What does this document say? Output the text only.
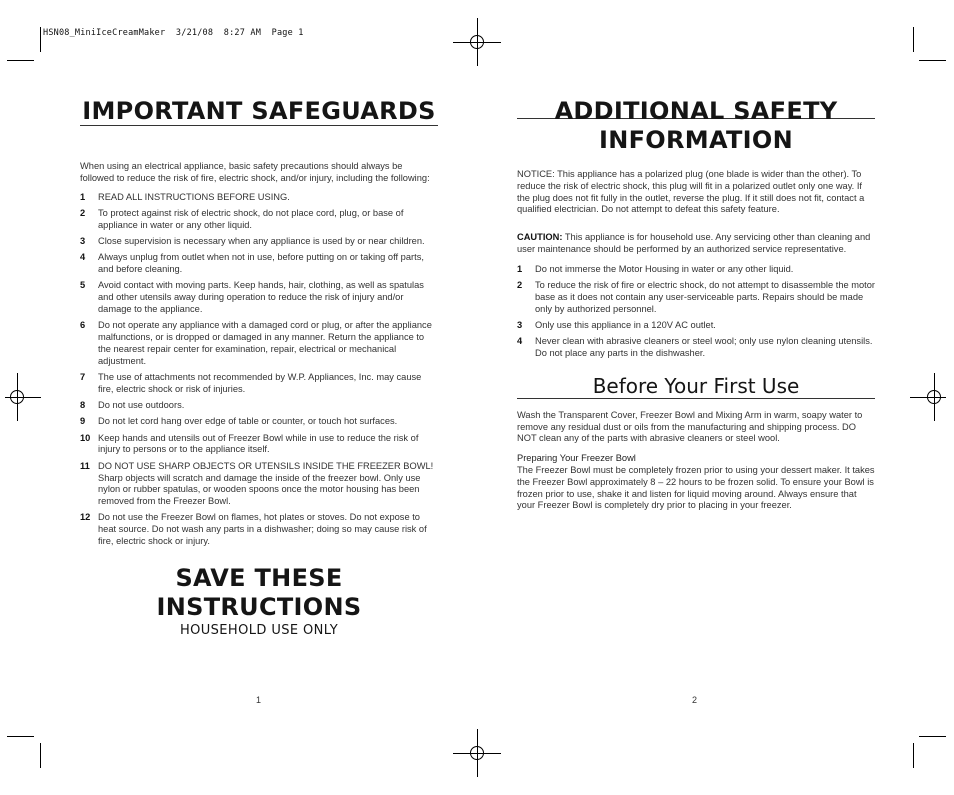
HSN08_MiniIceCreamMaker  3/21/08  8:27 AM  Page 1
IMPORTANT SAFEGUARDS

When using an electrical appliance, basic safety precautions should always be followed to reduce the risk of fire, electric shock, and/or injury, including the following:

1 READ ALL INSTRUCTIONS BEFORE USING.
2 To protect against risk of electric shock, do not place cord, plug, or base of appliance in water or any other liquid.
3 Close supervision is necessary when any appliance is used by or near children.
4 Always unplug from outlet when not in use, before putting on or taking off parts, and before cleaning.
5 Avoid contact with moving parts. Keep hands, hair, clothing, as well as spatulas and other utensils away during operation to reduce the risk of injury and/or damage to the appliance.
6 Do not operate any appliance with a damaged cord or plug, or after the appliance malfunctions, or is dropped or damaged in any manner. Return the appliance to the nearest repair center for examination, repair, electrical or mechanical adjustment.
7 The use of attachments not recommended by W.P. Appliances, Inc. may cause fire, electric shock or risk of injuries.
8 Do not use outdoors.
9 Do not let cord hang over edge of table or counter, or touch hot surfaces.
10 Keep hands and utensils out of Freezer Bowl while in use to reduce the risk of injury to persons or to the appliance itself.
11 DO NOT USE SHARP OBJECTS OR UTENSILS INSIDE THE FREEZER BOWL! Sharp objects will scratch and damage the inside of the freezer bowl. Only use nylon or rubber spatulas, or wooden spoons once the motor housing has been removed from the Freezer Bowl.
12 Do not use the Freezer Bowl on flames, hot plates or stoves. Do not expose to heat source. Do not wash any parts in a dishwasher; doing so may cause risk of fire, electric shock or injury.
SAVE THESE INSTRUCTIONS
HOUSEHOLD USE ONLY
1
ADDITIONAL SAFETY
INFORMATION

NOTICE: This appliance has a polarized plug (one blade is wider than the other). To reduce the risk of electric shock, this plug will fit in a polarized outlet only one way. If the plug does not fit fully in the outlet, reverse the plug. If it still does not fit, contact a qualified electrician. Do not attempt to defeat this safety feature.

CAUTION: This appliance is for household use. Any servicing other than cleaning and user maintenance should be performed by an authorized service representative.

1 Do not immerse the Motor Housing in water or any other liquid.
2 To reduce the risk of fire or electric shock, do not attempt to disassemble the motor base as it does not contain any user-serviceable parts. Repairs should be made only by authorized personnel.
3 Only use this appliance in a 120V AC outlet.
4 Never clean with abrasive cleaners or steel wool; only use nylon cleaning utensils. Do not place any parts in the dishwasher.
Before Your First Use

Wash the Transparent Cover, Freezer Bowl and Mixing Arm in warm, soapy water to remove any residual dust or oils from the manufacturing and shipping process. DO NOT clean any of the parts with abrasive cleaners or steel wool.

Preparing Your Freezer Bowl

The Freezer Bowl must be completely frozen prior to using your dessert maker. It takes the Freezer Bowl approximately 8 – 22 hours to be frozen solid. To ensure your Bowl is frozen prior to use, shake it and listen for liquid moving around. Always ensure that your Freezer Bowl is completely dry prior to placing in your freezer.

2
